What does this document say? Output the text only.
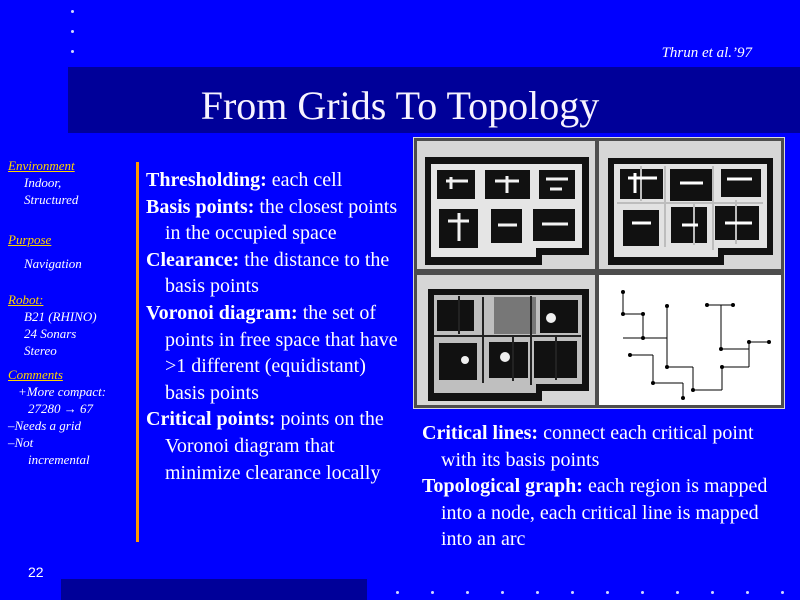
Thrun et al.’97
From Grids To Topology
Environment
Indoor,
Structured
Purpose
Navigation
Robot:
B21 (RHINO)
24 Sonars
Stereo
Comments
+More compact:
27280 → 67
–Needs a grid
–Not
incremental

Thresholding: each cell

Basis points: the closest points in the occupied space

Clearance: the distance to the basis points

Voronoi diagram: the set of points in free space that have >1 different (equidistant) basis points

Critical points: points on the Voronoi diagram that minimize clearance locally

Critical lines: connect each critical point with its basis points

Topological graph: each region is mapped into a node, each critical line is mapped into an arc

22
